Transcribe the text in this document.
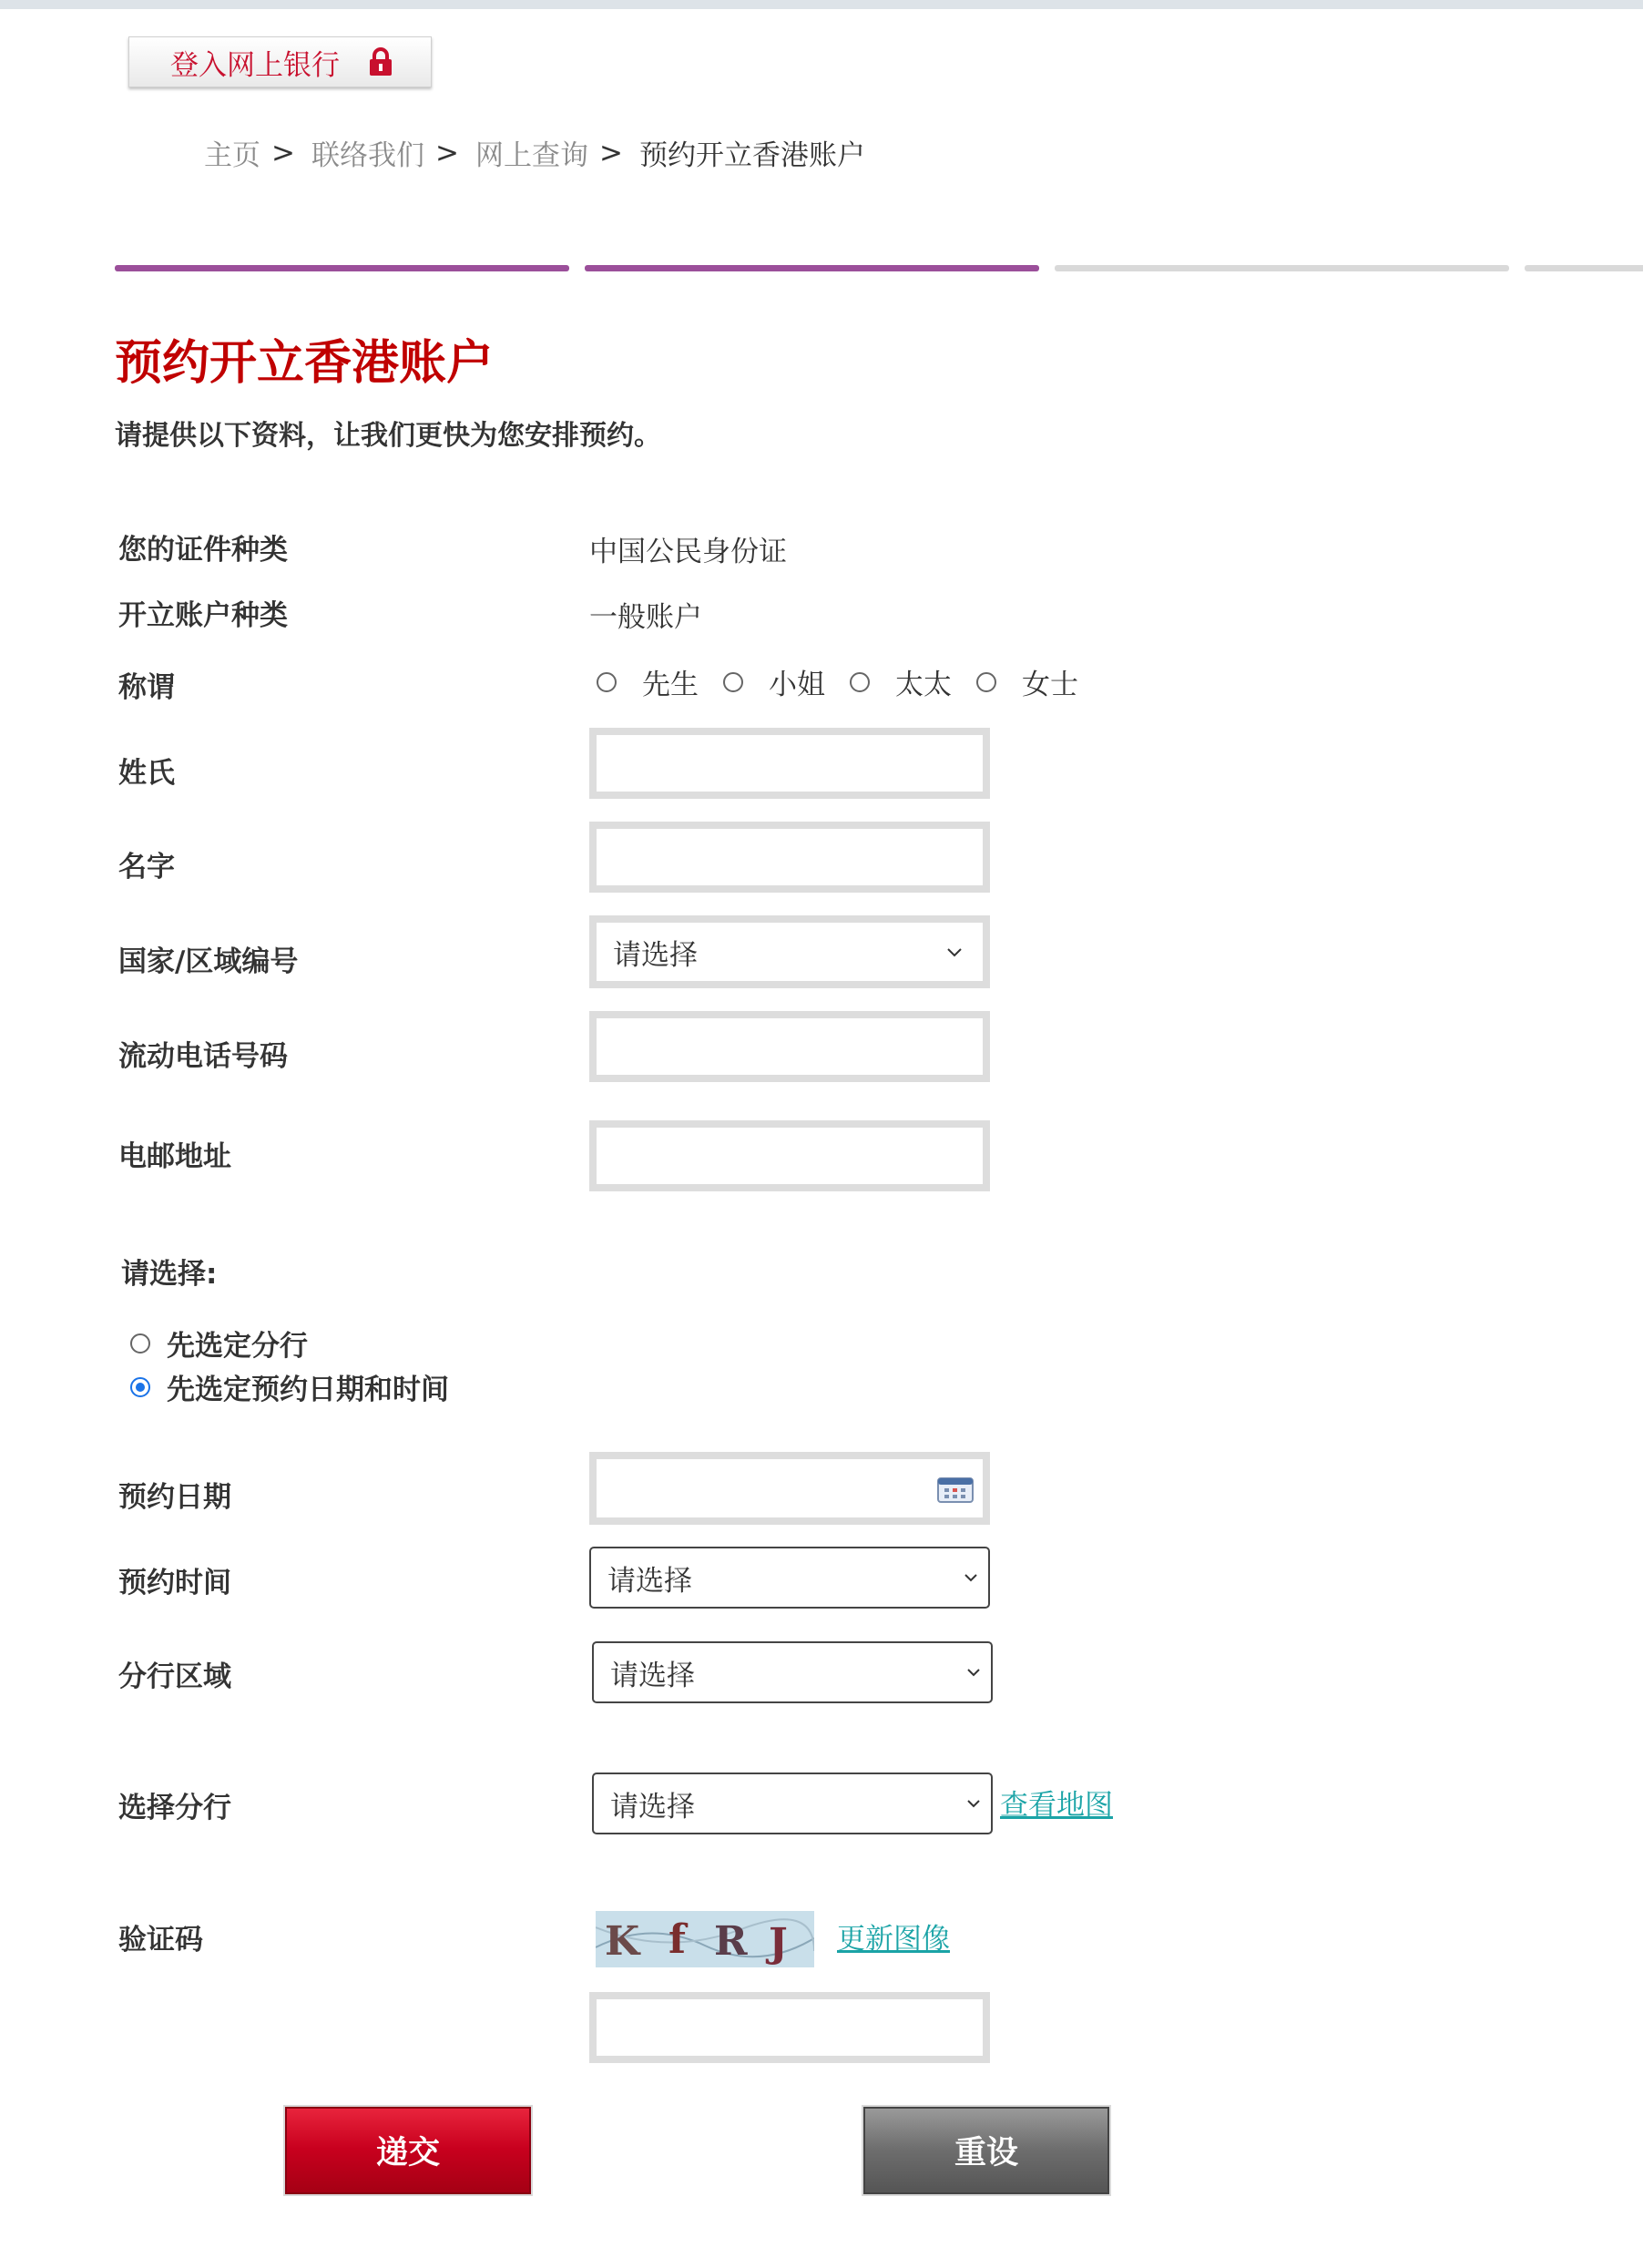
登入网上银行
主页 > 联络我们 > 网上查询 > 预约开立香港账户
预约开立香港账户
请提供以下资料，让我们更快为您安排预约。
您的证件种类	中国公民身份证
开立账户种类	一般账户
称谓	先生 小姐 太太 女士
姓氏
名字
国家/区域编号	请选择
流动电话号码
电邮地址
请选择:
先选定分行
先选定预约日期和时间
预约日期
预约时间	请选择
分行区域	请选择
选择分行	请选择	查看地图
验证码	K f R J 更新图像
递交	重设
